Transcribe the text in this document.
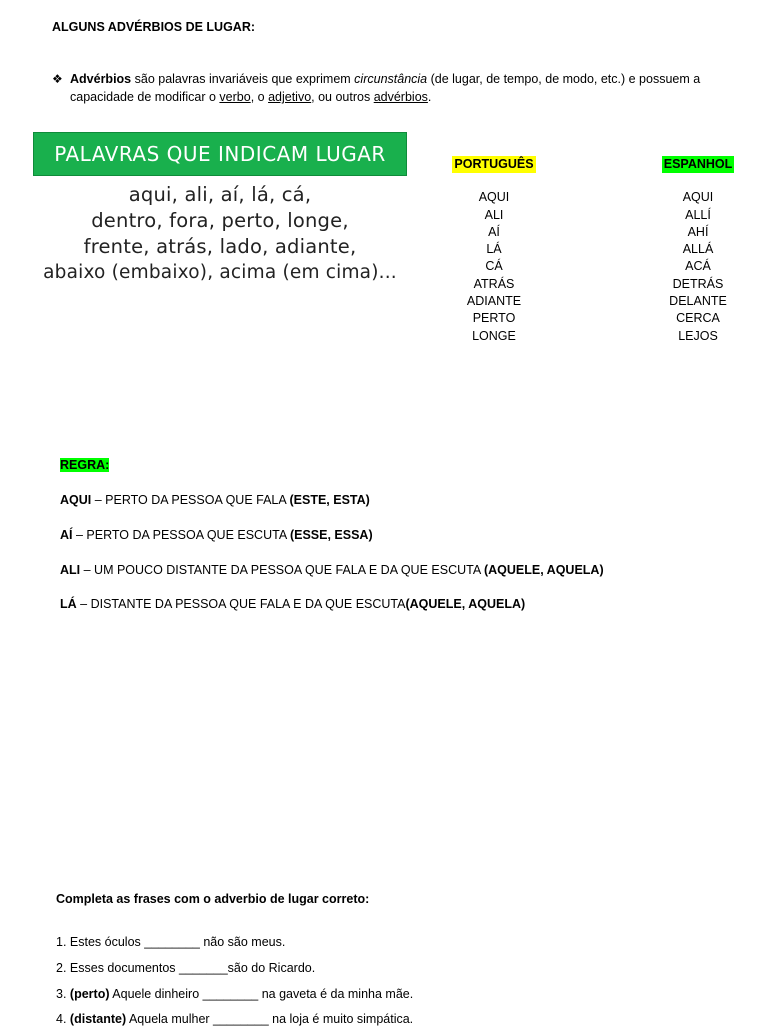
ALGUNS ADVÉRBIOS DE LUGAR:
❖ Advérbios são palavras invariáveis que exprimem circunstância (de lugar, de tempo, de modo, etc.) e possuem a capacidade de modificar o verbo, o adjetivo, ou outros advérbios.
PALAVRAS QUE INDICAM LUGAR
aqui, ali, aí, lá, cá,
dentro, fora, perto, longe,
frente, atrás, lado, adiante,
abaixo (embaixo), acima (em cima)...
PORTUGUÊS
AQUI
ALI
AÍ
LÁ
CÁ
ATRÁS
ADIANTE
PERTO
LONGE
ESPANHOL
AQUI
ALLÍ
AHÍ
ALLÁ
ACÁ
DETRÁS
DELANTE
CERCA
LEJOS
REGRA:
AQUI – PERTO DA PESSOA QUE FALA (ESTE, ESTA)
AÍ – PERTO DA PESSOA QUE ESCUTA (ESSE, ESSA)
ALI – UM POUCO DISTANTE DA PESSOA QUE FALA E DA QUE ESCUTA (AQUELE, AQUELA)
LÁ – DISTANTE DA PESSOA QUE FALA E DA QUE ESCUTA(AQUELE, AQUELA)
Completa as frases com o adverbio de lugar correto:
1. Estes óculos ________ não são meus.
2. Esses documentos _______são do Ricardo.
3. (perto) Aquele dinheiro ________ na gaveta é da minha mãe.
4. (distante) Aquela mulher ________ na loja é muito simpática.
